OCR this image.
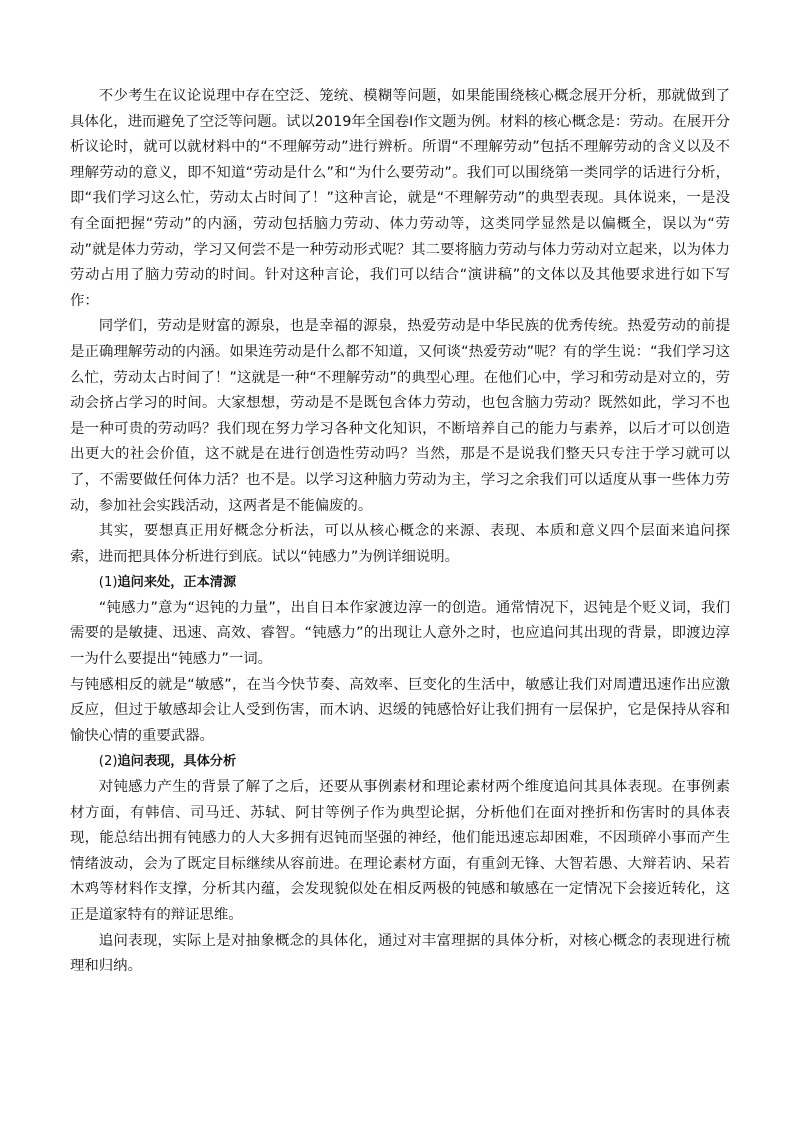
不少考生在议论说理中存在空泛、笼统、模糊等问题，如果能围绕核心概念展开分析，那就做到了具体化，进而避免了空泛等问题。试以2019年全国卷Ⅰ作文题为例。材料的核心概念是：劳动。在展开分析议论时，就可以就材料中的“不理解劳动”进行辨析。所谓“不理解劳动”包括不理解劳动的含义以及不理解劳动的意义，即不知道“劳动是什么”和“为什么要劳动”。我们可以围绕第一类同学的话进行分析，即“我们学习这么忙，劳动太占时间了！”这种言论，就是“不理解劳动”的典型表现。具体说来，一是没有全面把握“劳动”的内涵，劳动包括脑力劳动、体力劳动等，这类同学显然是以偏概全，误以为“劳动”就是体力劳动，学习又何尝不是一种劳动形式呢？其二要将脑力劳动与体力劳动对立起来，以为体力劳动占用了脑力劳动的时间。针对这种言论，我们可以结合“演讲稿”的文体以及其他要求进行如下写作：

同学们，劳动是财富的源泉，也是幸福的源泉，热爱劳动是中华民族的优秀传统。热爱劳动的前提是正确理解劳动的内涵。如果连劳动是什么都不知道，又何谈“热爱劳动”呢？有的学生说：“我们学习这么忙，劳动太占时间了！”这就是一种“不理解劳动”的典型心理。在他们心中，学习和劳动是对立的，劳动会挤占学习的时间。大家想想，劳动是不是既包含体力劳动，也包含脑力劳动？既然如此，学习不也是一种可贵的劳动吗？我们现在努力学习各种文化知识，不断培养自己的能力与素养，以后才可以创造出更大的社会价值，这不就是在进行创造性劳动吗？当然，那是不是说我们整天只专注于学习就可以了，不需要做任何体力活？也不是。以学习这种脑力劳动为主，学习之余我们可以适度从事一些体力劳动，参加社会实践活动，这两者是不能偏废的。

其实，要想真正用好概念分析法，可以从核心概念的来源、表现、本质和意义四个层面来追问探索，进而把具体分析进行到底。试以“钝感力”为例详细说明。

(1)追问来处，正本清源

“钝感力”意为“迟钝的力量”，出自日本作家渡边淳一的创造。通常情况下，迟钝是个贬义词，我们需要的是敏捷、迅速、高效、睿智。“钝感力”的出现让人意外之时，也应追问其出现的背景，即渡边淳一为什么要提出“钝感力”一词。

与钝感相反的就是“敏感”，在当今快节奏、高效率、巨变化的生活中，敏感让我们对周遭迅速作出应激反应，但过于敏感却会让人受到伤害，而木讷、迟缓的钝感恰好让我们拥有一层保护，它是保持从容和愉快心情的重要武器。

(2)追问表现，具体分析

对钝感力产生的背景了解了之后，还要从事例素材和理论素材两个维度追问其具体表现。在事例素材方面，有韩信、司马迁、苏轼、阿甘等例子作为典型论据，分析他们在面对挫折和伤害时的具体表现，能总结出拥有钝感力的人大多拥有迟钝而坚强的神经，他们能迅速忘却困难，不因琐碎小事而产生情绪波动，会为了既定目标继续从容前进。在理论素材方面，有重剑无锋、大智若愚、大辩若讷、呆若木鸡等材料作支撑，分析其内蕴，会发现貌似处在相反两极的钝感和敏感在一定情况下会接近转化，这正是道家特有的辩证思维。

追问表现，实际上是对抽象概念的具体化，通过对丰富理据的具体分析，对核心概念的表现进行梳理和归纳。
